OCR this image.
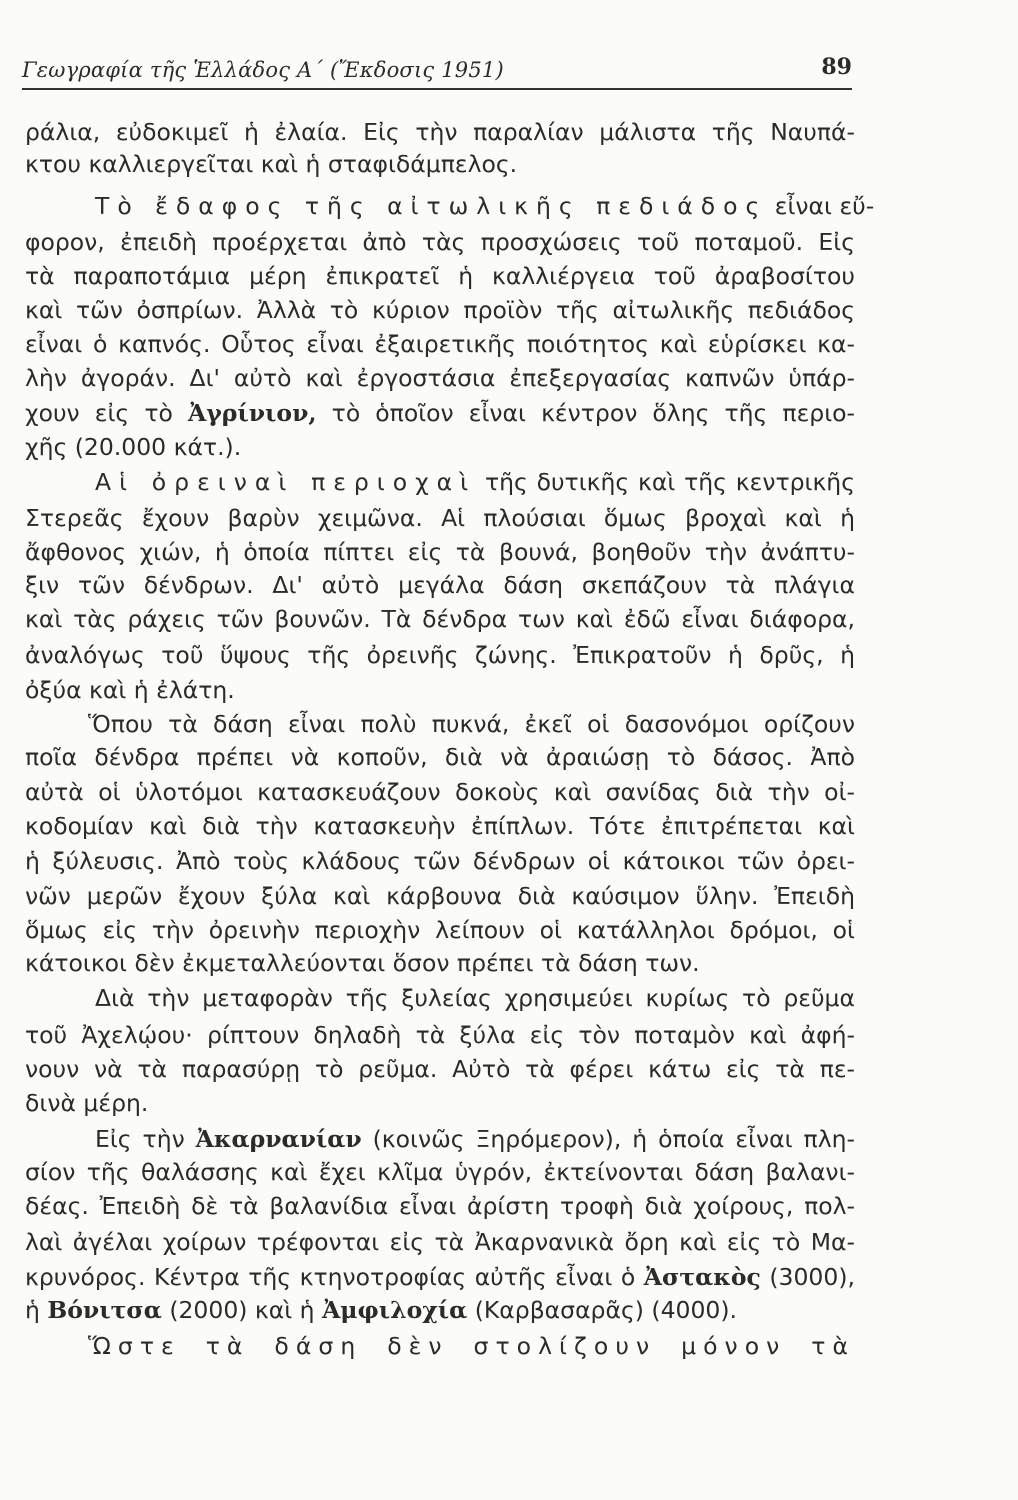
Γεωγραφία τῆς Ἑλλάδος Α΄ (Ἔκδοσις 1951)	89
ράλια, εὐδοκιμεῖ ἡ ἐλαία. Εἰς τὴν παραλίαν μάλιστα τῆς Ναυπά-
κτου καλλιεργεῖται καὶ ἡ σταφιδάμπελος.
Τὸ ἔδαφος τῆς αἰτωλικῆς πεδιάδος εἶναι εὔ-
φορον, ἐπειδὴ προέρχεται ἀπὸ τὰς προσχώσεις τοῦ ποταμοῦ. Εἰς
τὰ παραποτάμια μέρη ἐπικρατεῖ ἡ καλλιέργεια τοῦ ἀραβοσίτου
καὶ τῶν ὀσπρίων. Ἀλλὰ τὸ κύριον προϊὸν τῆς αἰτωλικῆς πεδιάδος
εἶναι ὁ καπνός. Οὗτος εἶναι ἐξαιρετικῆς ποιότητος καὶ εὑρίσκει κα-
λὴν ἀγοράν. Δι' αὐτὸ καὶ ἐργοστάσια ἐπεξεργασίας καπνῶν ὑπάρ-
χουν εἰς τὸ Ἀγρίνιον, τὸ ὁποῖον εἶναι κέντρον ὅλης τῆς περιο-
χῆς (20.000 κάτ.).
Αἱ ὀρειναὶ περιοχαὶ τῆς δυτικῆς καὶ τῆς κεντρικῆς
Στερεᾶς ἔχουν βαρὺν χειμῶνα. Αἱ πλούσιαι ὅμως βροχαὶ καὶ ἡ
ἄφθονος χιών, ἡ ὁποία πίπτει εἰς τὰ βουνά, βοηθοῦν τὴν ἀνάπτυ-
ξιν τῶν δένδρων. Δι' αὐτὸ μεγάλα δάση σκεπάζουν τὰ πλάγια
καὶ τὰς ράχεις τῶν βουνῶν. Τὰ δένδρα των καὶ ἐδῶ εἶναι διάφορα,
ἀναλόγως τοῦ ὕψους τῆς ὀρεινῆς ζώνης. Ἐπικρατοῦν ἡ δρῦς, ἡ
ὀξύα καὶ ἡ ἐλάτη.
Ὅπου τὰ δάση εἶναι πολὺ πυκνά, ἐκεῖ οἱ δασονόμοι ορίζουν
ποῖα δένδρα πρέπει νὰ κοποῦν, διὰ νὰ ἀραιώσῃ τὸ δάσος. Ἀπὸ
αὐτὰ οἱ ὑλοτόμοι κατασκευάζουν δοκοὺς καὶ σανίδας διὰ τὴν οἰ-
κοδομίαν καὶ διὰ τὴν κατασκευὴν ἐπίπλων. Τότε ἐπιτρέπεται καὶ
ἡ ξύλευσις. Ἀπὸ τοὺς κλάδους τῶν δένδρων οἱ κάτοικοι τῶν ὀρει-
νῶν μερῶν ἔχουν ξύλα καὶ κάρβουνα διὰ καύσιμον ὕλην. Ἐπειδὴ
ὅμως εἰς τὴν ὀρεινὴν περιοχὴν λείπουν οἱ κατάλληλοι δρόμοι, οἱ
κάτοικοι δὲν ἐκμεταλλεύονται ὅσον πρέπει τὰ δάση των.
Διὰ τὴν μεταφορὰν τῆς ξυλείας χρησιμεύει κυρίως τὸ ρεῦμα
τοῦ Ἀχελῴου· ρίπτουν δηλαδὴ τὰ ξύλα εἰς τὸν ποταμὸν καὶ ἀφή-
νουν νὰ τὰ παρασύρῃ τὸ ρεῦμα. Αὐτὸ τὰ φέρει κάτω εἰς τὰ πε-
δινὰ μέρη.
Εἰς τὴν Ἀκαρνανίαν (κοινῶς Ξηρόμερον), ἡ ὁποία εἶναι πλη-
σίον τῆς θαλάσσης καὶ ἔχει κλῖμα ὑγρόν, ἐκτείνονται δάση βαλανι-
δέας. Ἐπειδὴ δὲ τὰ βαλανίδια εἶναι ἀρίστη τροφὴ διὰ χοίρους, πολ-
λαὶ ἀγέλαι χοίρων τρέφονται εἰς τὰ Ἀκαρνανικὰ ὄρη καὶ εἰς τὸ Μα-
κρυνόρος. Κέντρα τῆς κτηνοτροφίας αὐτῆς εἶναι ὁ Ἀστακὸς (3000),
ἡ Βόνιτσα (2000) καὶ ἡ Ἀμφιλοχία (Καρβασαρᾶς) (4000).
Ὥστε τὰ δάση δὲν στολίζουν μόνον τὰ
